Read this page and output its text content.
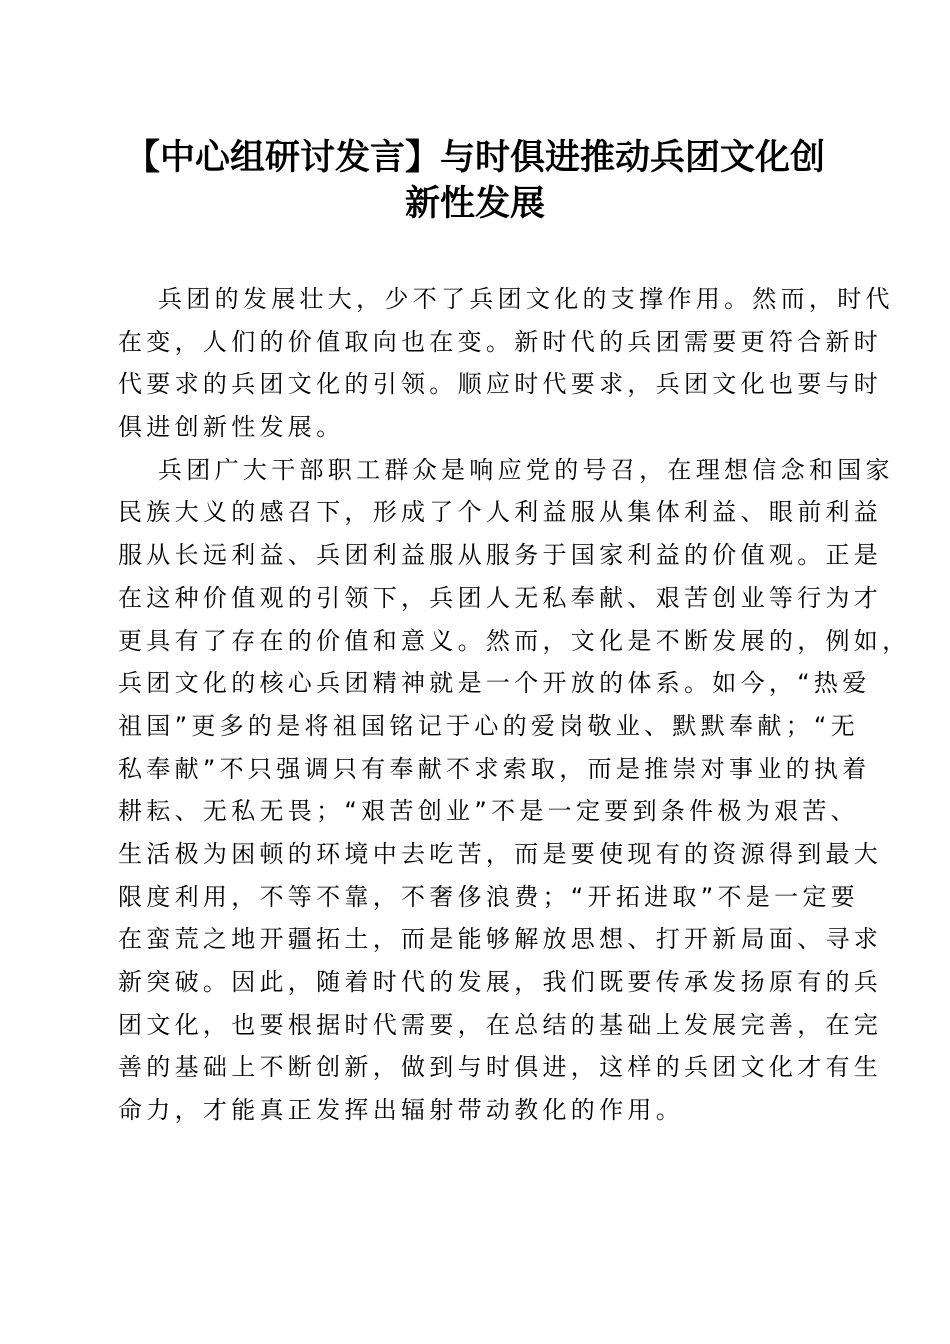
【中心组研讨发言】与时俱进推动兵团文化创
新性发展
兵团的发展壮大，少不了兵团文化的支撑作用。然而，时代
在变，人们的价值取向也在变。新时代的兵团需要更符合新时
代要求的兵团文化的引领。顺应时代要求，兵团文化也要与时
俱进创新性发展。
兵团广大干部职工群众是响应党的号召，在理想信念和国家
民族大义的感召下，形成了个人利益服从集体利益、眼前利益
服从长远利益、兵团利益服从服务于国家利益的价值观。正是
在这种价值观的引领下，兵团人无私奉献、艰苦创业等行为才
更具有了存在的价值和意义。然而，文化是不断发展的，例如，
兵团文化的核心兵团精神就是一个开放的体系。如今，“热爱
祖国”更多的是将祖国铭记于心的爱岗敬业、默默奉献；“无
私奉献”不只强调只有奉献不求索取，而是推崇对事业的执着
耕耘、无私无畏；“艰苦创业”不是一定要到条件极为艰苦、
生活极为困顿的环境中去吃苦，而是要使现有的资源得到最大
限度利用，不等不靠，不奢侈浪费；“开拓进取”不是一定要
在蛮荒之地开疆拓土，而是能够解放思想、打开新局面、寻求
新突破。因此，随着时代的发展，我们既要传承发扬原有的兵
团文化，也要根据时代需要，在总结的基础上发展完善，在完
善的基础上不断创新，做到与时俱进，这样的兵团文化才有生
命力，才能真正发挥出辐射带动教化的作用。
